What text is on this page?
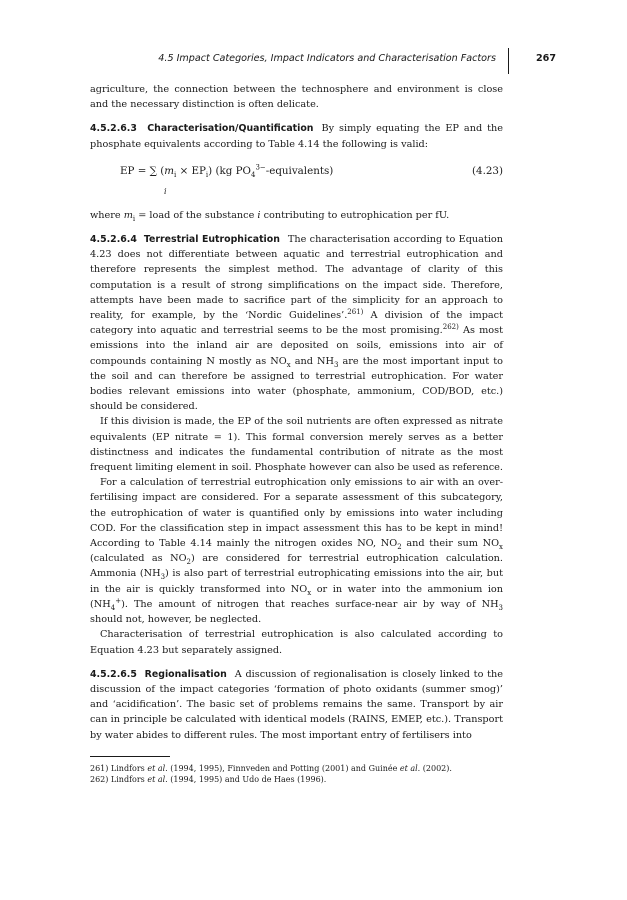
4.5 Impact Categories, Impact Indicators and Characterisation Factors	267

agriculture, the connection between the technosphere and environment is close and the necessary distinction is often delicate.

4.5.2.6.3 Characterisation/Quantification By simply equating the EP and the phosphate equivalents according to Table 4.14 the following is valid:

EP = ∑ $(m_i \times EP_i)$ (kg $PO_4^{3-}-equivalents$)
i
(4.23)

where $m_i$ = load of the substance i contributing to eutrophication per fU.

4.5.2.6.4 Terrestrial Eutrophication The characterisation according to Equation 4.23 does not differentiate between aquatic and terrestrial eutrophication and therefore represents the simplest method. The advantage of clarity of this computation is a result of strong simplifications on the impact side. Therefore, attempts have been made to sacrifice part of the simplicity for an approach to reality, for example, by the ‘Nordic Guidelines’.$^{261)}$ A division of the impact category into aquatic and terrestrial seems to be the most promising.$^{262)}$ As most emissions into the inland air are deposited on soils, emissions into air of compounds containing N mostly as $NO_x$ and $NH_3$ are the most important input to the soil and can therefore be assigned to terrestrial eutrophication. For water bodies relevant emissions into water (phosphate, ammonium, COD/BOD, etc.) should be considered.

If this division is made, the EP of the soil nutrients are often expressed as nitrate equivalents (EP nitrate = 1). This formal conversion merely serves as a better distinctness and indicates the fundamental contribution of nitrate as the most frequent limiting element in soil. Phosphate however can also be used as reference.

For a calculation of terrestrial eutrophication only emissions to air with an over-fertilising impact are considered. For a separate assessment of this subcategory, the eutrophication of water is quantified only by emissions into water including COD. For the classification step in impact assessment this has to be kept in mind! According to Table 4.14 mainly the nitrogen oxides NO, $NO_2$ and their sum $NO_x$ (calculated as $NO_2$) are considered for terrestrial eutrophication calculation. Ammonia $(NH_3)$ is also part of terrestrial eutrophicating emissions into the air, but in the air is quickly transformed into $NO_x$ or in water into the ammonium ion $(NH_4^+)$. The amount of nitrogen that reaches surface-near air by way of $NH_3$ should not, however, be neglected.

Characterisation of terrestrial eutrophication is also calculated according to Equation 4.23 but separately assigned.

4.5.2.6.5 Regionalisation A discussion of regionalisation is closely linked to the discussion of the impact categories ‘formation of photo oxidants (summer smog)’ and ‘acidification’. The basic set of problems remains the same. Transport by air can in principle be calculated with identical models (RAINS, EMEP, etc.). Transport by water abides to different rules. The most important entry of fertilisers into

261) Lindfors et al. (1994, 1995), Finnveden and Potting (2001) and Guinée et al. (2002).
262) Lindfors et al. (1994, 1995) and Udo de Haes (1996).
